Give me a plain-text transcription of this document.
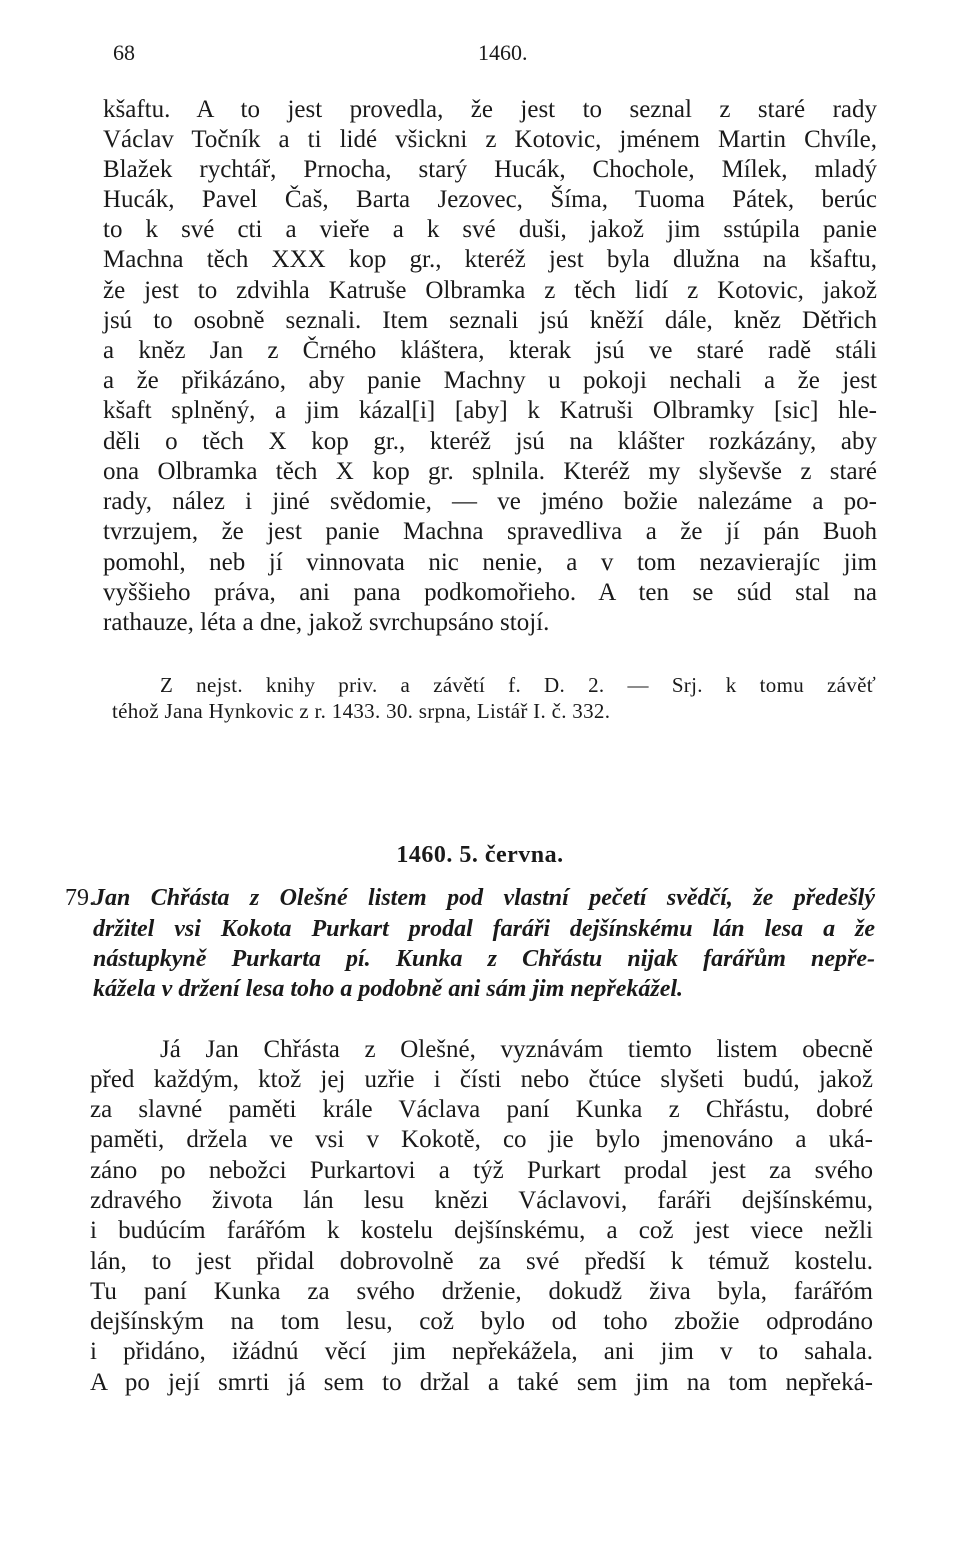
68	1460.
kšaftu. A to jest provedla, že jest to seznal z staré rady
Václav Točník a ti lidé všickni z Kotovic, jménem Martin Chvíle,
Blažek rychtář, Prnocha, starý Hucák, Chochole, Mílek, mladý
Hucák, Pavel Čaš, Barta Jezovec, Šíma, Tuoma Pátek, berúc
to k své cti a vieře a k své duši, jakož jim sstúpila panie
Machna těch XXX kop gr., kteréž jest byla dlužna na kšaftu,
že jest to zdvihla Katruše Olbramka z těch lidí z Kotovic, jakož
jsú to osobně seznali. Item seznali jsú kněží dále, kněz Dětřich
a kněz Jan z Črného kláštera, kterak jsú ve staré radě stáli
a že přikázáno, aby panie Machny u pokoji nechali a že jest
kšaft splněný, a jim kázal[i] [aby] k Katruši Olbramky [sic] hle-
děli o těch X kop gr., kteréž jsú na klášter rozkázány, aby
ona Olbramka těch X kop gr. splnila. Kteréž my slyševše z staré
rady, nález i jiné svědomie, — ve jméno božie nalezáme a po-
tvrzujem, že jest panie Machna spravedliva a že jí pán Buoh
pomohl, neb jí vinnovata nic nenie, a v tom nezavierajíc jim
vyššieho práva, ani pana podkomořieho. A ten se súd stal na
rathauze, léta a dne, jakož svrchupsáno stojí.
Z nejst. knihy priv. a závětí f. D. 2. — Srj. k tomu závěť
téhož Jana Hynkovic z r. 1433. 30. srpna, Listář I. č. 332.
1460. 5. června.
79.
Jan Chřásta z Olešné listem pod vlastní pečetí svědčí, že předešlý
držitel vsi Kokota Purkart prodal faráři dejšínskému lán lesa a že
nástupkyně Purkarta pí. Kunka z Chřástu nijak farářům nepře-
kážela v držení lesa toho a podobně ani sám jim nepřekážel.
Já Jan Chřásta z Olešné, vyznávám tiemto listem obecně
před každým, ktož jej uzřie i čísti nebo čtúce slyšeti budú, jakož
za slavné paměti krále Václava paní Kunka z Chřástu, dobré
paměti, držela ve vsi v Kokotě, co jie bylo jmenováno a uká-
záno po nebožci Purkartovi a týž Purkart prodal jest za svého
zdravého života lán lesu knězi Václavovi, faráři dejšínskému,
i budúcím farářóm k kostelu dejšínskému, a což jest viece nežli
lán, to jest přidal dobrovolně za své předší k témuž kostelu.
Tu paní Kunka za svého drženie, dokudž živa byla, farářóm
dejšínským na tom lesu, což bylo od toho zbožie odprodáno
i přidáno, ižádnú věcí jim nepřekážela, ani jim v to sahala.
A po její smrti já sem to držal a také sem jim na tom nepřeká-
